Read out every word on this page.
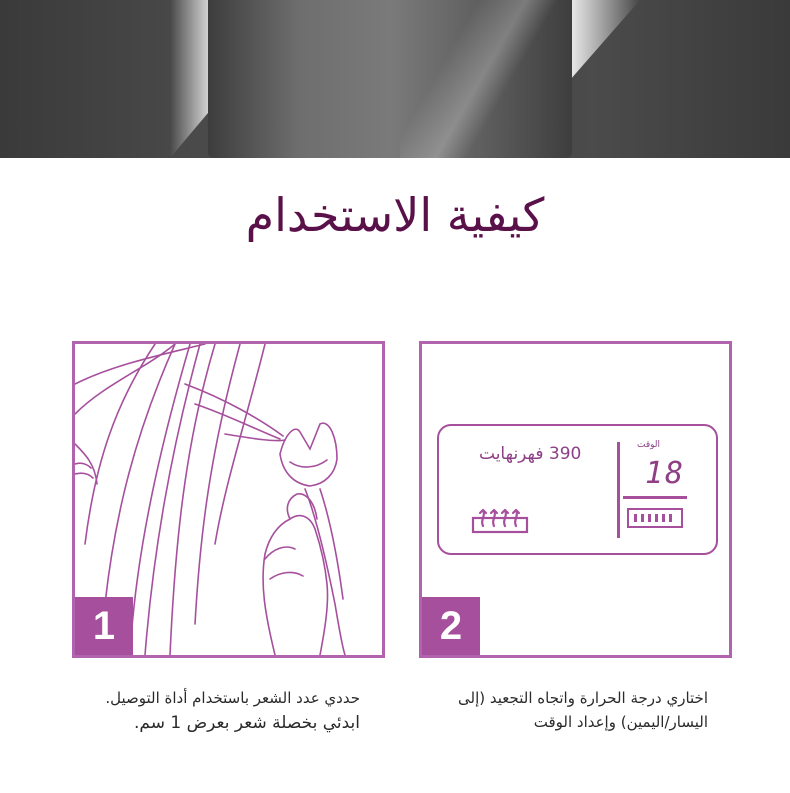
كيفية الاستخدام
1
390 فهرنهايت	الوقت
18
2
حددي عدد الشعر باستخدام أداة التوصيل.
ابدئي بخصلة شعر بعرض 1 سم.
اختاري درجة الحرارة واتجاه التجعيد (إلى
اليسار/اليمين) وإعداد الوقت
